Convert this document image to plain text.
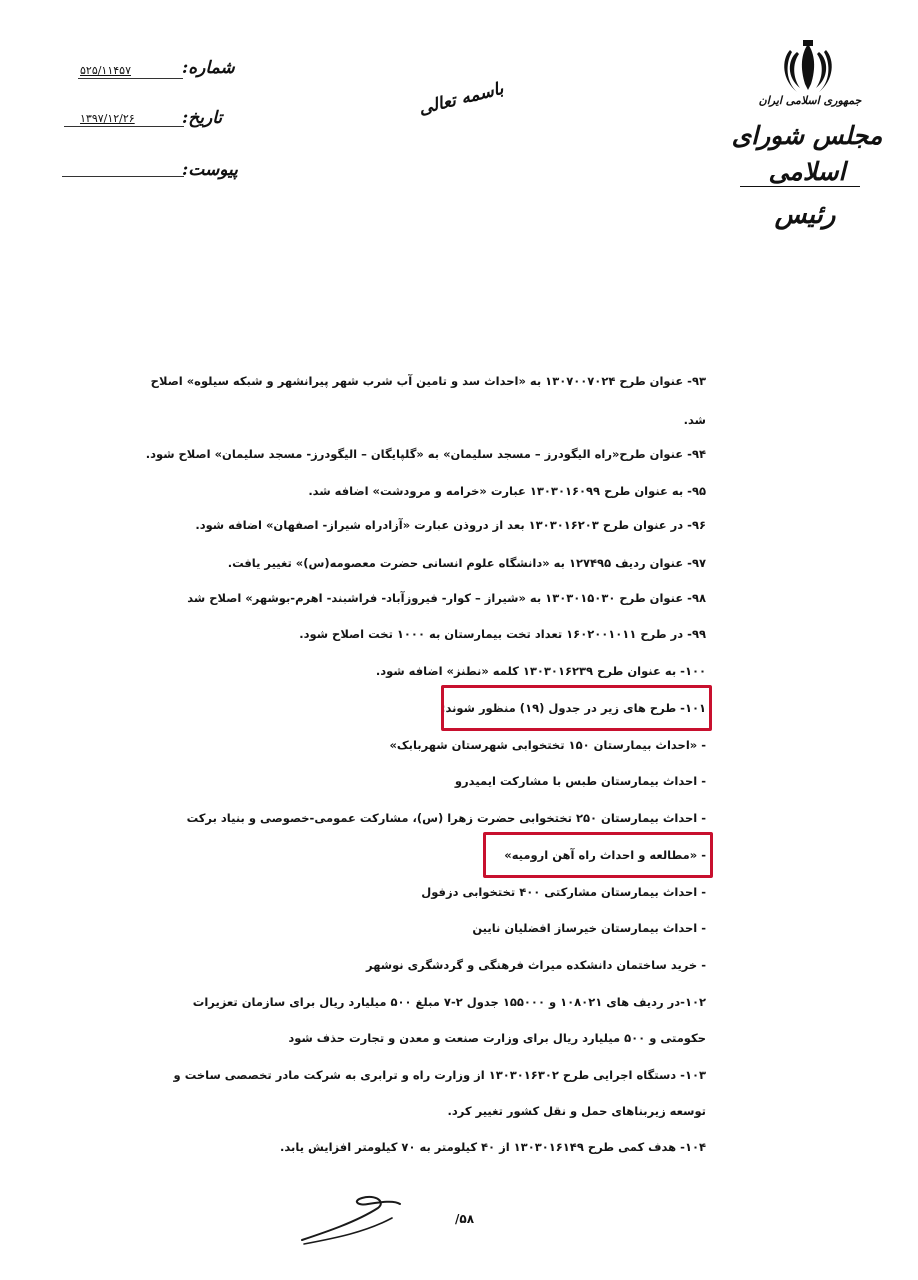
شماره:
۵۲۵/۱۱۴۵۷
تاریخ:
۱۳۹۷/۱۲/۲۶
پیوست:
باسمه تعالی	جمهوری اسلامی ایران
مجلس شورای اسلامی
رئیس
۹۳- عنوان طرح ۱۳۰۷۰۰۷۰۲۴ به «احداث سد و تامین آب شرب شهر پیرانشهر و شبکه سیلوه» اصلاح
شد.
۹۴- عنوان طرح«راه الیگودرز – مسجد سلیمان» به «گلپایگان – الیگودرز- مسجد سلیمان» اصلاح شود.
۹۵- به عنوان طرح ۱۳۰۳۰۱۶۰۹۹ عبارت «خرامه و مرودشت» اضافه شد.
۹۶- در عنوان طرح ۱۳۰۳۰۱۶۲۰۳ بعد از دروذن عبارت «آزادراه شیراز- اصفهان» اضافه شود.
۹۷- عنوان ردیف ۱۲۷۴۹۵ به «دانشگاه علوم انسانی حضرت معصومه(س)» تغییر یافت.
۹۸- عنوان طرح ۱۳۰۳۰۱۵۰۳۰ به «شیراز – کوار- فیروزآباد- فراشبند- اهرم-بوشهر» اصلاح شد
۹۹- در طرح ۱۶۰۲۰۰۱۰۱۱ تعداد تخت بیمارستان به ۱۰۰۰ تخت اصلاح شود.
۱۰۰- به عنوان طرح ۱۳۰۳۰۱۶۲۳۹ کلمه «نطنز» اضافه شود.
۱۰۱- طرح های زیر در جدول (۱۹) منظور شوند:
- «احداث بیمارستان ۱۵۰ تختخوابی شهرستان شهربابک»
- احداث بیمارستان طبس با مشارکت ایمیدرو
- احداث بیمارستان ۲۵۰ تختخوابی حضرت زهرا (س)، مشارکت عمومی-خصوصی و بنیاد برکت
- «مطالعه و احداث راه آهن ارومیه»
- احداث بیمارستان مشارکتی ۴۰۰ تختخوابی دزفول
- احداث بیمارستان خیرساز افضلیان نایین
- خرید ساختمان دانشکده میراث فرهنگی و گردشگری نوشهر
۱۰۲-در ردیف های ۱۰۸۰۲۱ و ۱۵۵۰۰۰ جدول ۲-۷ مبلغ ۵۰۰ میلیارد ریال برای سازمان تعزیرات
حکومتی و ۵۰۰ میلیارد ریال برای وزارت صنعت و معدن و تجارت حذف شود
۱۰۳- دستگاه اجرایی طرح ۱۳۰۳۰۱۶۳۰۲ از وزارت راه و ترابری به شرکت مادر تخصصی ساخت و
توسعه زیربناهای حمل و نقل کشور تغییر کرد.
۱۰۴- هدف کمی طرح ۱۳۰۳۰۱۶۱۴۹ از ۴۰ کیلومتر به ۷۰ کیلومتر افزایش یابد.
۵۸/
